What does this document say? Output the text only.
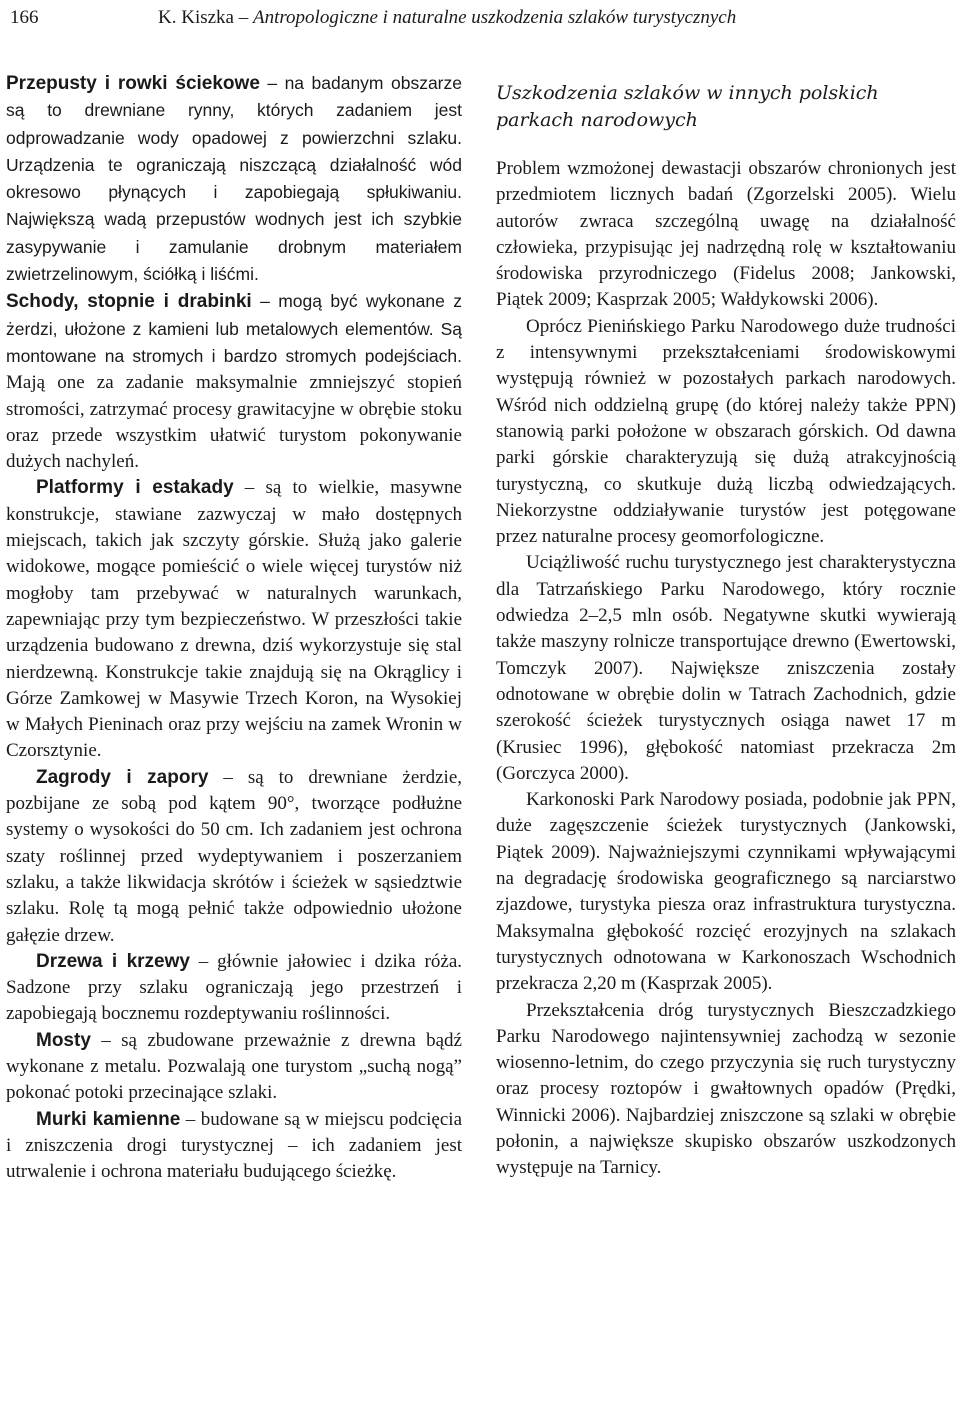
166	K. Kiszka – Antropologiczne i naturalne uszkodzenia szlaków turystycznych

Przepusty i rowki ściekowe – na badanym obszarze są to drewniane rynny, których zadaniem jest odprowadzanie wody opadowej z powierzchni szlaku. Urządzenia te ograniczają niszczącą działalność wód okresowo płynących i zapobiegają spłukiwaniu. Największą wadą przepustów wodnych jest ich szybkie zasypywanie i zamulanie drobnym materiałem zwietrzelinowym, ściółką i liśćmi.

Schody, stopnie i drabinki – mogą być wykonane z żerdzi, ułożone z kamieni lub metalowych elementów. Są montowane na stromych i bardzo stromych podejściach. Mają one za zadanie maksymalnie zmniejszyć stopień stromości, zatrzymać procesy grawitacyjne w obrębie stoku oraz przede wszystkim ułatwić turystom pokonywanie dużych nachyleń.

Platformy i estakady – są to wielkie, masywne konstrukcje, stawiane zazwyczaj w mało dostępnych miejscach, takich jak szczyty górskie. Służą jako galerie widokowe, mogące pomieścić o wiele więcej turystów niż mogłoby tam przebywać w naturalnych warunkach, zapewniając przy tym bezpieczeństwo. W przeszłości takie urządzenia budowano z drewna, dziś wykorzystuje się stal nierdzewną. Konstrukcje takie znajdują się na Okrąglicy i Górze Zamkowej w Masywie Trzech Koron, na Wysokiej w Małych Pieninach oraz przy wejściu na zamek Wronin w Czorsztynie.

Zagrody i zapory – są to drewniane żerdzie, pozbijane ze sobą pod kątem 90°, tworzące podłużne systemy o wysokości do 50 cm. Ich zadaniem jest ochrona szaty roślinnej przed wydeptywaniem i poszerzaniem szlaku, a także likwidacja skrótów i ścieżek w sąsiedztwie szlaku. Rolę tą mogą pełnić także odpowiednio ułożone gałęzie drzew.

Drzewa i krzewy – głównie jałowiec i dzika róża. Sadzone przy szlaku ograniczają jego przestrzeń i zapobiegają bocznemu rozdeptywaniu roślinności.

Mosty – są zbudowane przeważnie z drewna bądź wykonane z metalu. Pozwalają one turystom „suchą nogą” pokonać potoki przecinające szlaki.

Murki kamienne – budowane są w miejscu podcięcia i zniszczenia drogi turystycznej – ich zadaniem jest utrwalenie i ochrona materiału budującego ścieżkę.

Uszkodzenia szlaków w innych polskich parkach narodowych

Problem wzmożonej dewastacji obszarów chronionych jest przedmiotem licznych badań (Zgorzelski 2005). Wielu autorów zwraca szczególną uwagę na działalność człowieka, przypisując jej nadrzędną rolę w kształtowaniu środowiska przyrodniczego (Fidelus 2008; Jankowski, Piątek 2009; Kasprzak 2005; Wałdykowski 2006).

Oprócz Pienińskiego Parku Narodowego duże trudności z intensywnymi przekształceniami środowiskowymi występują również w pozostałych parkach narodowych. Wśród nich oddzielną grupę (do której należy także PPN) stanowią parki położone w obszarach górskich. Od dawna parki górskie charakteryzują się dużą atrakcyjnością turystyczną, co skutkuje dużą liczbą odwiedzających. Niekorzystne oddziaływanie turystów jest potęgowane przez naturalne procesy geomorfologiczne.

Uciążliwość ruchu turystycznego jest charakterystyczna dla Tatrzańskiego Parku Narodowego, który rocznie odwiedza 2–2,5 mln osób. Negatywne skutki wywierają także maszyny rolnicze transportujące drewno (Ewertowski, Tomczyk 2007). Największe zniszczenia zostały odnotowane w obrębie dolin w Tatrach Zachodnich, gdzie szerokość ścieżek turystycznych osiąga nawet 17 m (Krusiec 1996), głębokość natomiast przekracza 2m (Gorczyca 2000).

Karkonoski Park Narodowy posiada, podobnie jak PPN, duże zagęszczenie ścieżek turystycznych (Jankowski, Piątek 2009). Najważniejszymi czynnikami wpływającymi na degradację środowiska geograficznego są narciarstwo zjazdowe, turystyka piesza oraz infrastruktura turystyczna. Maksymalna głębokość rozcięć erozyjnych na szlakach turystycznych odnotowana w Karkonoszach Wschodnich przekracza 2,20 m (Kasprzak 2005).

Przekształcenia dróg turystycznych Bieszczadzkiego Parku Narodowego najintensywniej zachodzą w sezonie wiosenno-letnim, do czego przyczynia się ruch turystyczny oraz procesy roztopów i gwałtownych opadów (Prędki, Winnicki 2006). Najbardziej zniszczone są szlaki w obrębie połonin, a największe skupisko obszarów uszkodzonych występuje na Tarnicy.
